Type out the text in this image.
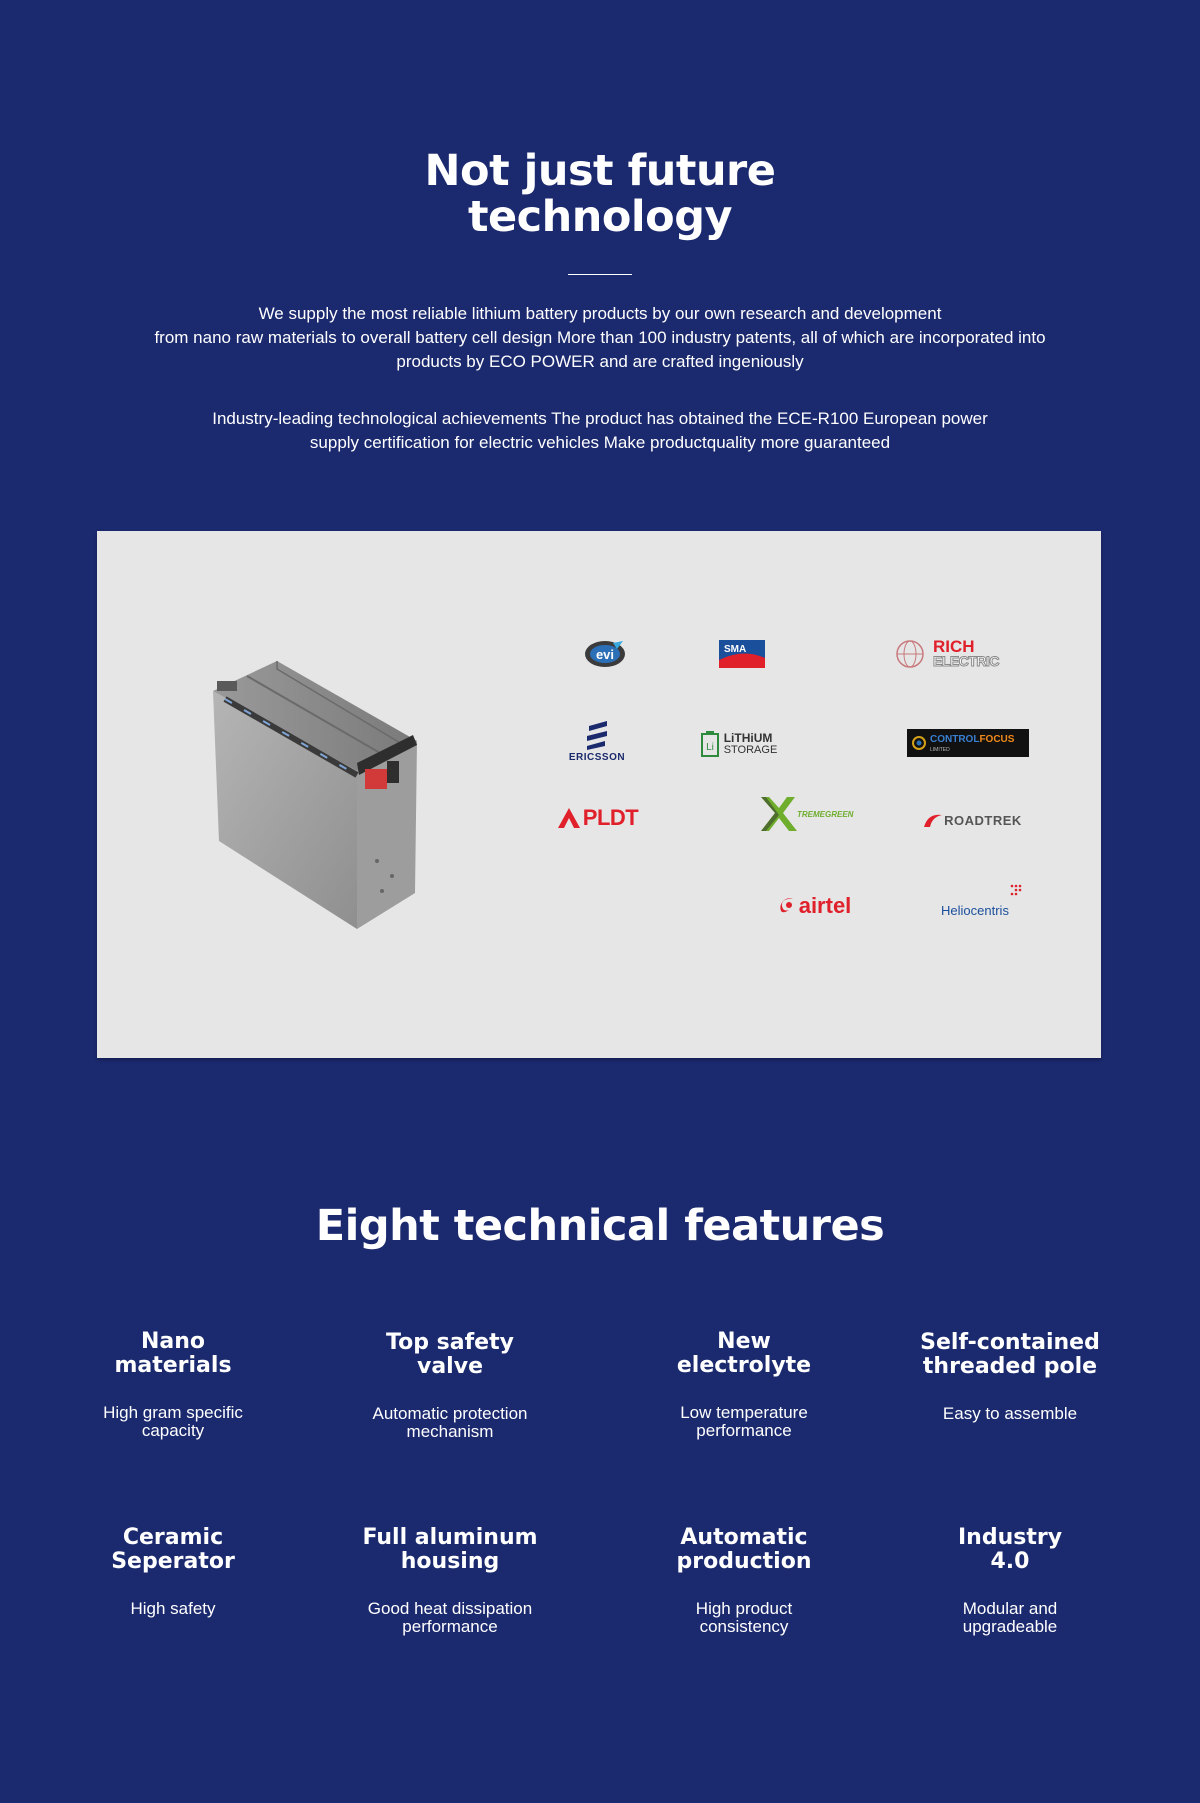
Not just future
technology
We supply the most reliable lithium battery products by our own research and development
from nano raw materials to overall battery cell design More than 100 industry patents, all of which are incorporated into
products by ECO POWER and are crafted ingeniously
Industry-leading technological achievements The product has obtained the ECE-R100 European power
supply certification for electric vehicles Make productquality more guaranteed
evi	SMA	RICH
ELECTRIC
ERICSSON
Li
LiTHiUM
STORAGE
CONTROLFOCUS
LIMITED
PLDT	TREMEGREEN	ROADTREK
airtel	Heliocentris
Eight technical features
Nano
materials
High gram specific
capacity
Top safety
valve
Automatic protection
mechanism
New
electrolyte
Low temperature
performance
Self-contained
threaded pole
Easy to assemble
Ceramic
Seperator
High safety
Full aluminum
housing
Good heat dissipation
performance
Automatic
production
High product
consistency
Industry
4.0
Modular and
upgradeable
